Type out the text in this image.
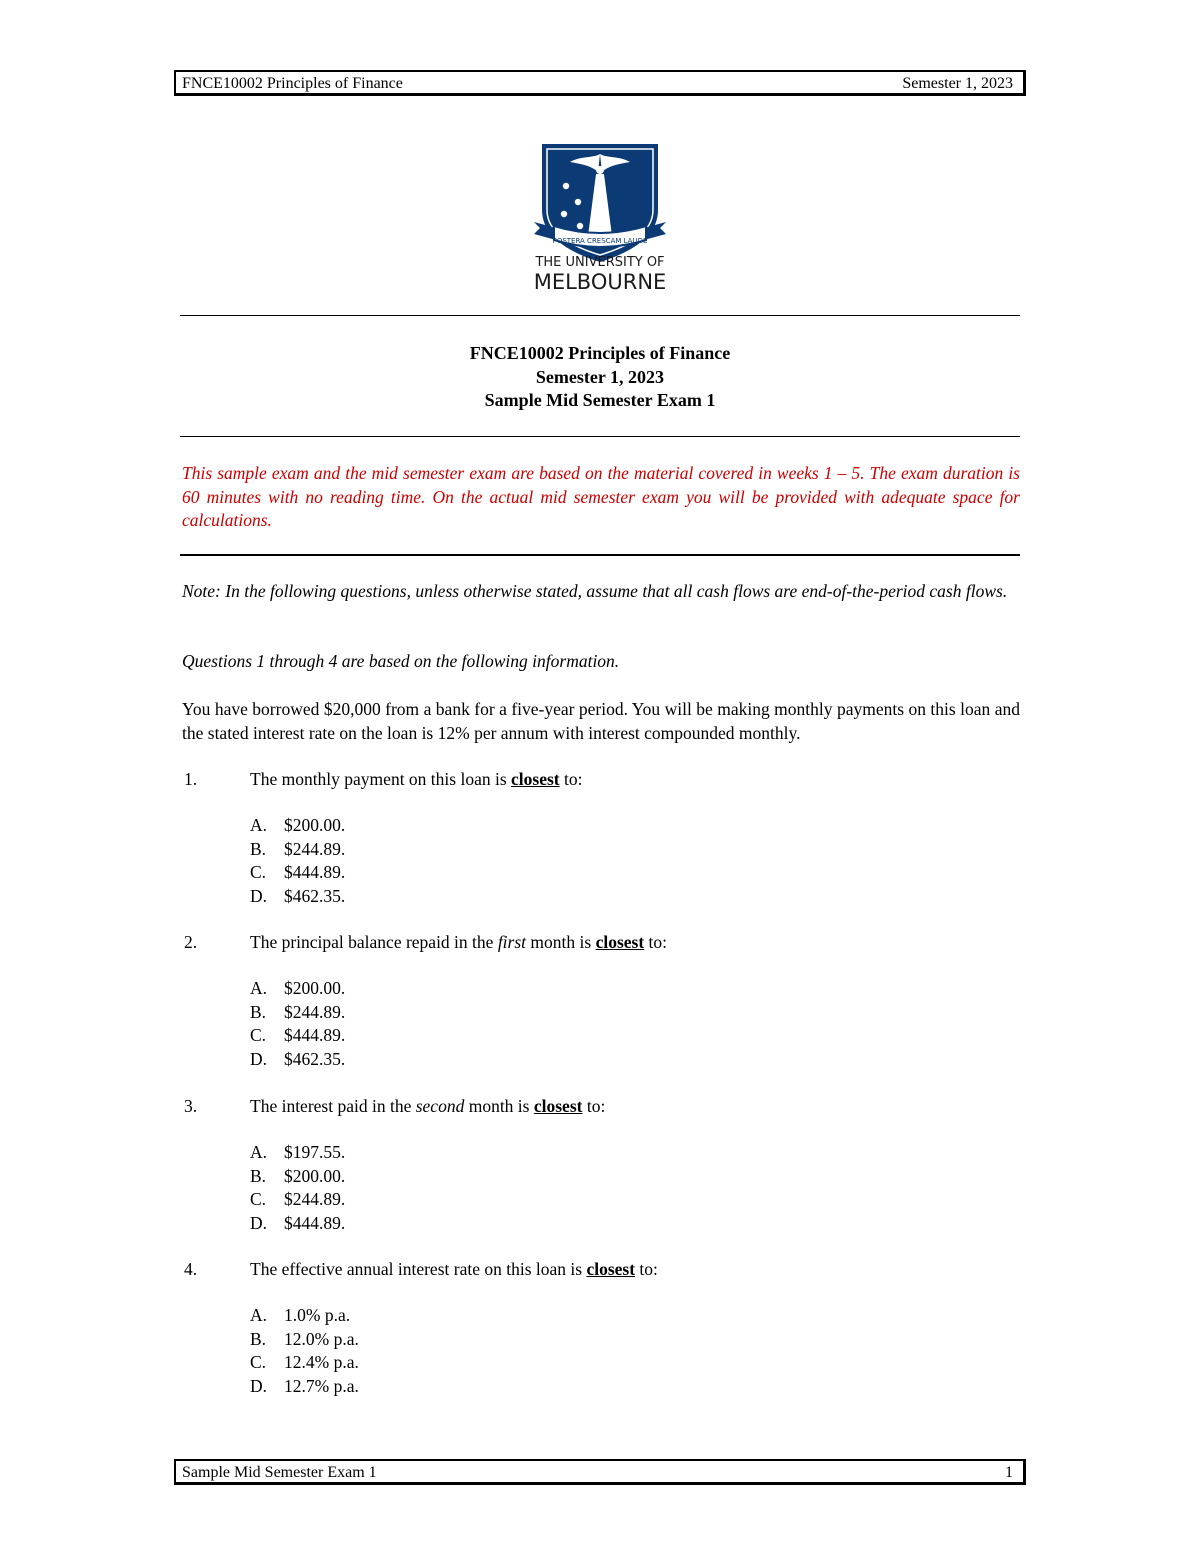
FNCE10002 Principles of Finance	Semester 1, 2023
POSTERA CRESCAM LAUDE
THE UNIVERSITY OF
MELBOURNE
FNCE10002 Principles of Finance
Semester 1, 2023
Sample Mid Semester Exam 1
This sample exam and the mid semester exam are based on the material covered in weeks 1 – 5. The exam duration is 60 minutes with no reading time. On the actual mid semester exam you will be provided with adequate space for calculations.
Note: In the following questions, unless otherwise stated, assume that all cash flows are end-of-the-period cash flows.
Questions 1 through 4 are based on the following information.
You have borrowed $20,000 from a bank for a five-year period. You will be making monthly payments on this loan and the stated interest rate on the loan is 12% per annum with interest compounded monthly.
1.	The monthly payment on this loan is closest to:
A. $200.00.
B. $244.89.
C. $444.89.
D. $462.35.
2.	The principal balance repaid in the first month is closest to:
A. $200.00.
B. $244.89.
C. $444.89.
D. $462.35.
3.	The interest paid in the second month is closest to:
A. $197.55.
B. $200.00.
C. $244.89.
D. $444.89.
4.	The effective annual interest rate on this loan is closest to:
A. 1.0% p.a.
B. 12.0% p.a.
C. 12.4% p.a.
D. 12.7% p.a.
Sample Mid Semester Exam 1	1
